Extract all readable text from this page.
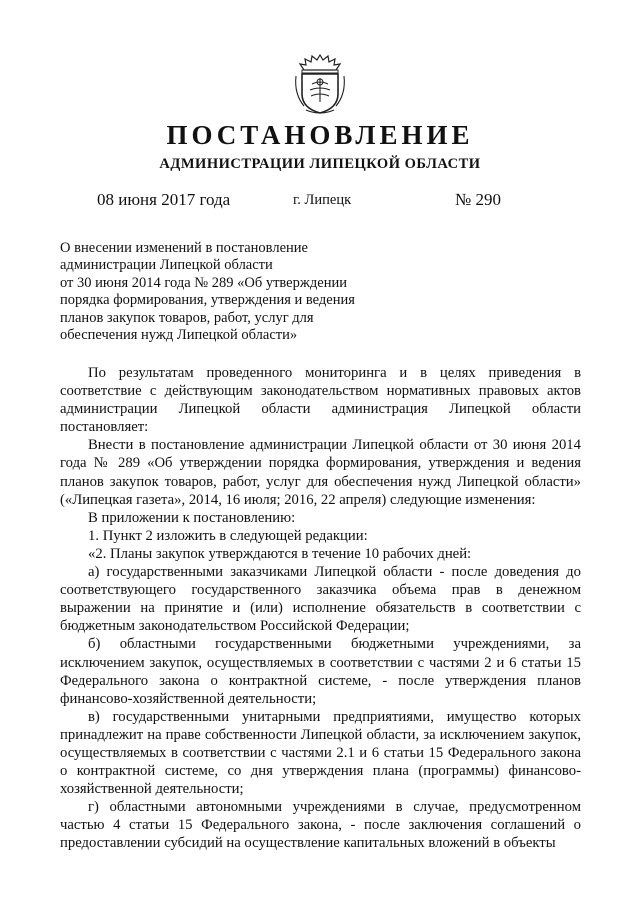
ПОСТАНОВЛЕНИЕ
АДМИНИСТРАЦИИ ЛИПЕЦКОЙ ОБЛАСТИ
08 июня 2017 года	г. Липецк	№ 290
О внесении изменений в постановление
администрации Липецкой области
от 30 июня 2014 года № 289 «Об утверждении
порядка формирования, утверждения и ведения
планов закупок товаров, работ, услуг для
обеспечения нужд Липецкой области»

По результатам проведенного мониторинга и в целях приведения в соответствие с действующим законодательством нормативных правовых актов администрации Липецкой области администрация Липецкой области постановляет:

Внести в постановление администрации Липецкой области от 30 июня 2014 года № 289 «Об утверждении порядка формирования, утверждения и ведения планов закупок товаров, работ, услуг для обеспечения нужд Липецкой области» («Липецкая газета», 2014, 16 июля; 2016, 22 апреля) следующие изменения:

В приложении к постановлению:

1. Пункт 2 изложить в следующей редакции:

«2. Планы закупок утверждаются в течение 10 рабочих дней:

а) государственными заказчиками Липецкой области - после доведения до соответствующего государственного заказчика объема прав в денежном выражении на принятие и (или) исполнение обязательств в соответствии с бюджетным законодательством Российской Федерации;

б) областными государственными бюджетными учреждениями, за исключением закупок, осуществляемых в соответствии с частями 2 и 6 статьи 15 Федерального закона о контрактной системе, - после утверждения планов финансово-хозяйственной деятельности;

в) государственными унитарными предприятиями, имущество которых принадлежит на праве собственности Липецкой области, за исключением закупок, осуществляемых в соответствии с частями 2.1 и 6 статьи 15 Федерального закона о контрактной системе, со дня утверждения плана (программы) финансово-хозяйственной деятельности;

г) областными автономными учреждениями в случае, предусмотренном частью 4 статьи 15 Федерального закона, - после заключения соглашений о предоставлении субсидий на осуществление капитальных вложений в объекты
